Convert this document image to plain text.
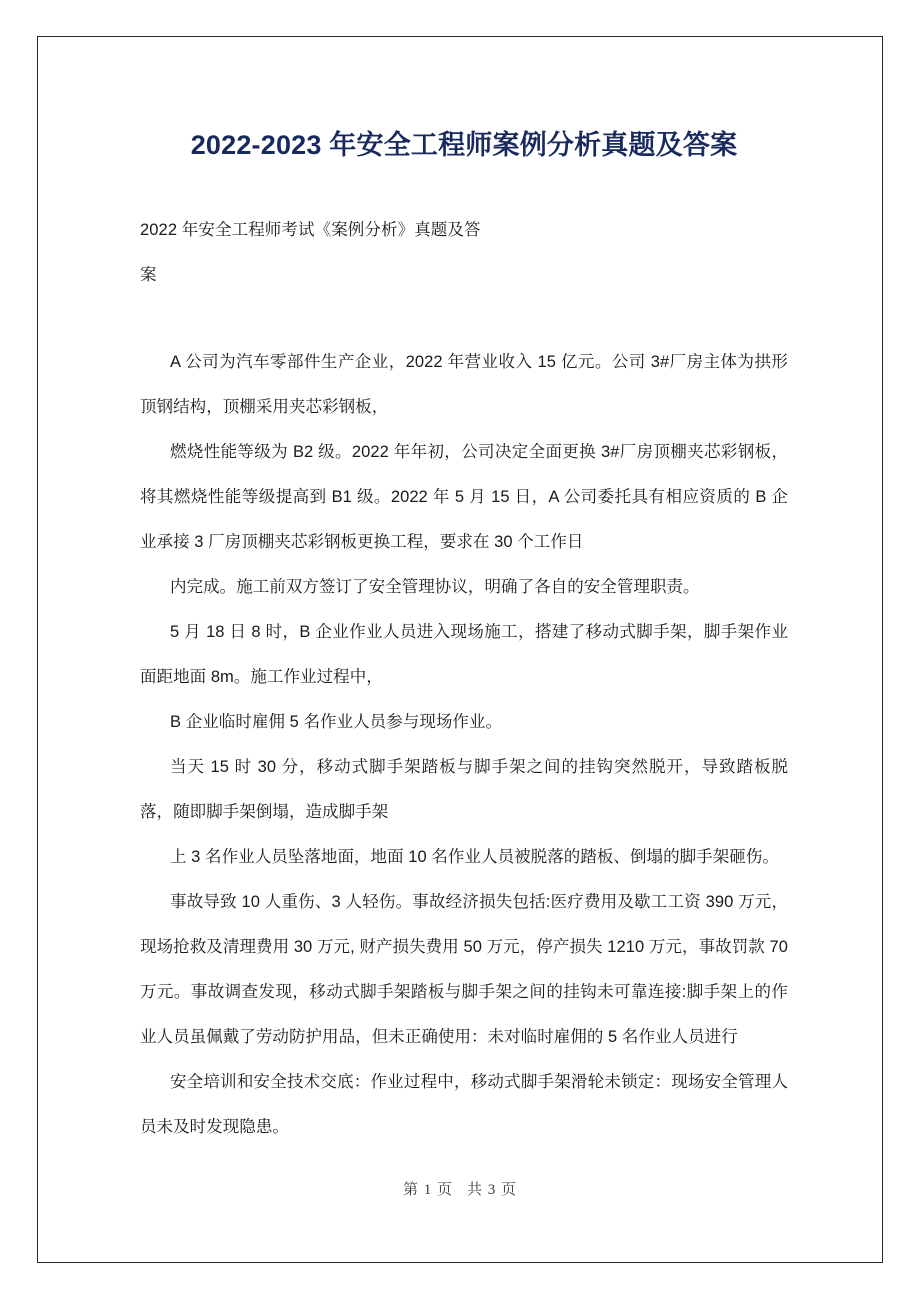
2022-2023 年安全工程师案例分析真题及答案
2022 年安全工程师考试《案例分析》真题及答
案

A 公司为汽车零部件生产企业，2022 年营业收入 15 亿元。公司 3#厂房主体为拱形顶钢结构，顶棚采用夹芯彩钢板，

燃烧性能等级为 B2 级。2022 年年初，公司决定全面更换 3#厂房顶棚夹芯彩钢板，将其燃烧性能等级提高到 B1 级。2022 年 5 月 15 日，A 公司委托具有相应资质的 B 企业承接 3 厂房顶棚夹芯彩钢板更换工程，要求在 30 个工作日

内完成。施工前双方签订了安全管理协议，明确了各自的安全管理职责。

5 月 18 日 8 时，B 企业作业人员进入现场施工，搭建了移动式脚手架，脚手架作业面距地面 8m。施工作业过程中，

B 企业临时雇佣 5 名作业人员参与现场作业。

当天 15 时 30 分，移动式脚手架踏板与脚手架之间的挂钩突然脱开，导致踏板脱落，随即脚手架倒塌，造成脚手架

上 3 名作业人员坠落地面，地面 10 名作业人员被脱落的踏板、倒塌的脚手架砸伤。

事故导致 10 人重伤、3 人轻伤。事故经济损失包括:医疗费用及歇工工资 390 万元，现场抢救及清理费用 30 万元, 财产损失费用 50 万元，停产损失 1210 万元，事故罚款 70 万元。事故调查发现，移动式脚手架踏板与脚手架之间的挂钩未可靠连接:脚手架上的作业人员虽佩戴了劳动防护用品，但未正确使用：未对临时雇佣的 5 名作业人员进行

安全培训和安全技术交底：作业过程中，移动式脚手架滑轮未锁定：现场安全管理人员未及时发现隐患。

第 1 页 共 3 页
